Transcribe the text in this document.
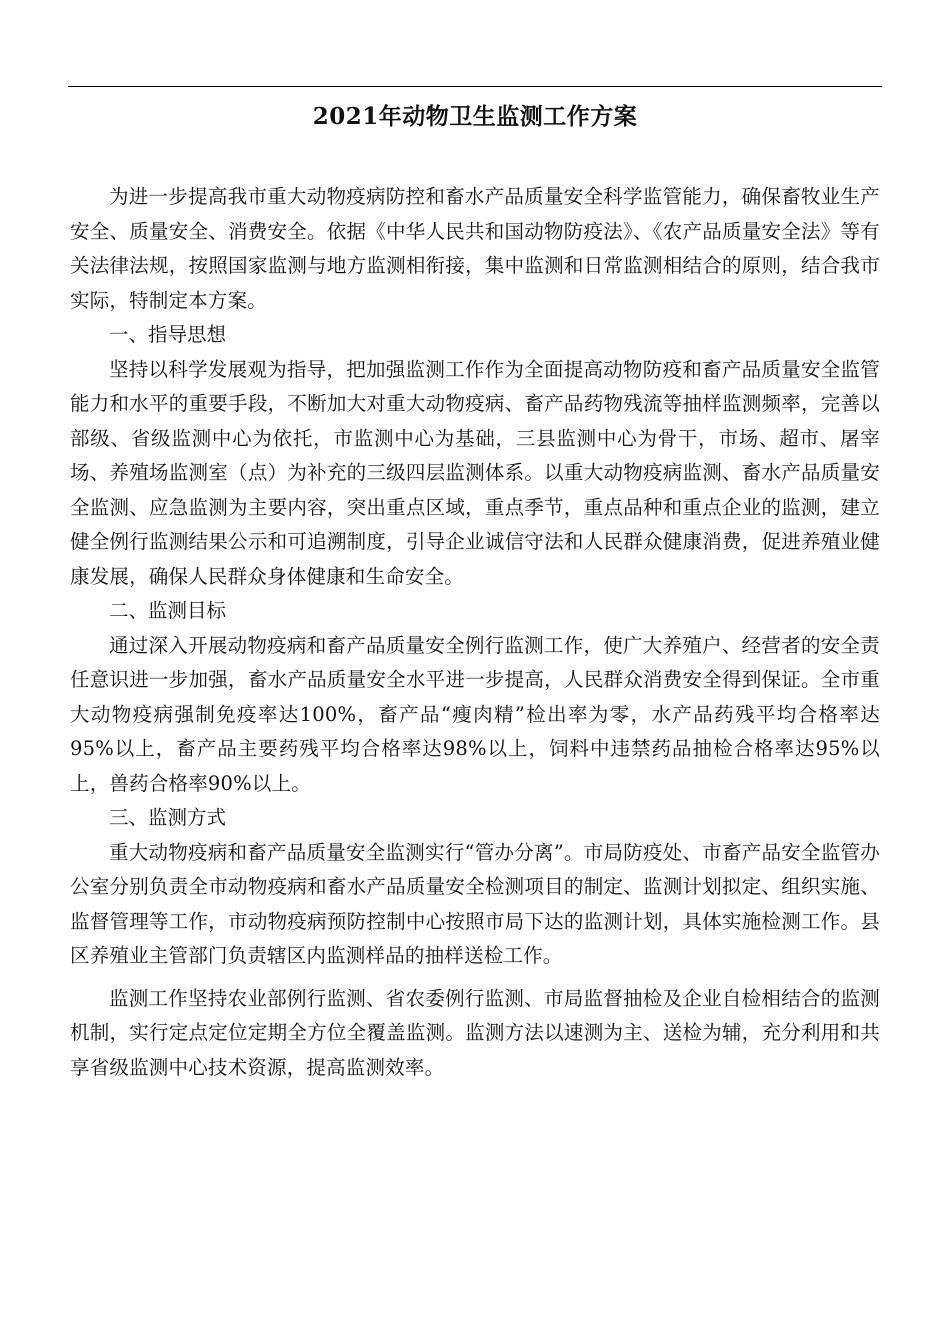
2021年动物卫生监测工作方案

为进一步提高我市重大动物疫病防控和畜水产品质量安全科学监管能力，确保畜牧业生产安全、质量安全、消费安全。依据《中华人民共和国动物防疫法》、《农产品质量安全法》等有关法律法规，按照国家监测与地方监测相衔接，集中监测和日常监测相结合的原则，结合我市实际，特制定本方案。

一、指导思想

坚持以科学发展观为指导，把加强监测工作作为全面提高动物防疫和畜产品质量安全监管能力和水平的重要手段，不断加大对重大动物疫病、畜产品药物残流等抽样监测频率，完善以部级、省级监测中心为依托，市监测中心为基础，三县监测中心为骨干，市场、超市、屠宰场、养殖场监测室（点）为补充的三级四层监测体系。以重大动物疫病监测、畜水产品质量安全监测、应急监测为主要内容，突出重点区域，重点季节，重点品种和重点企业的监测，建立健全例行监测结果公示和可追溯制度，引导企业诚信守法和人民群众健康消费，促进养殖业健康发展，确保人民群众身体健康和生命安全。

二、监测目标

通过深入开展动物疫病和畜产品质量安全例行监测工作，使广大养殖户、经营者的安全责任意识进一步加强，畜水产品质量安全水平进一步提高，人民群众消费安全得到保证。全市重大动物疫病强制免疫率达100%，畜产品“瘦肉精”检出率为零，水产品药残平均合格率达95%以上，畜产品主要药残平均合格率达98%以上，饲料中违禁药品抽检合格率达95%以上，兽药合格率90%以上。

三、监测方式

重大动物疫病和畜产品质量安全监测实行“管办分离”。市局防疫处、市畜产品安全监管办公室分别负责全市动物疫病和畜水产品质量安全检测项目的制定、监测计划拟定、组织实施、监督管理等工作，市动物疫病预防控制中心按照市局下达的监测计划，具体实施检测工作。县区养殖业主管部门负责辖区内监测样品的抽样送检工作。

监测工作坚持农业部例行监测、省农委例行监测、市局监督抽检及企业自检相结合的监测机制，实行定点定位定期全方位全覆盖监测。监测方法以速测为主、送检为辅，充分利用和共享省级监测中心技术资源，提高监测效率。
